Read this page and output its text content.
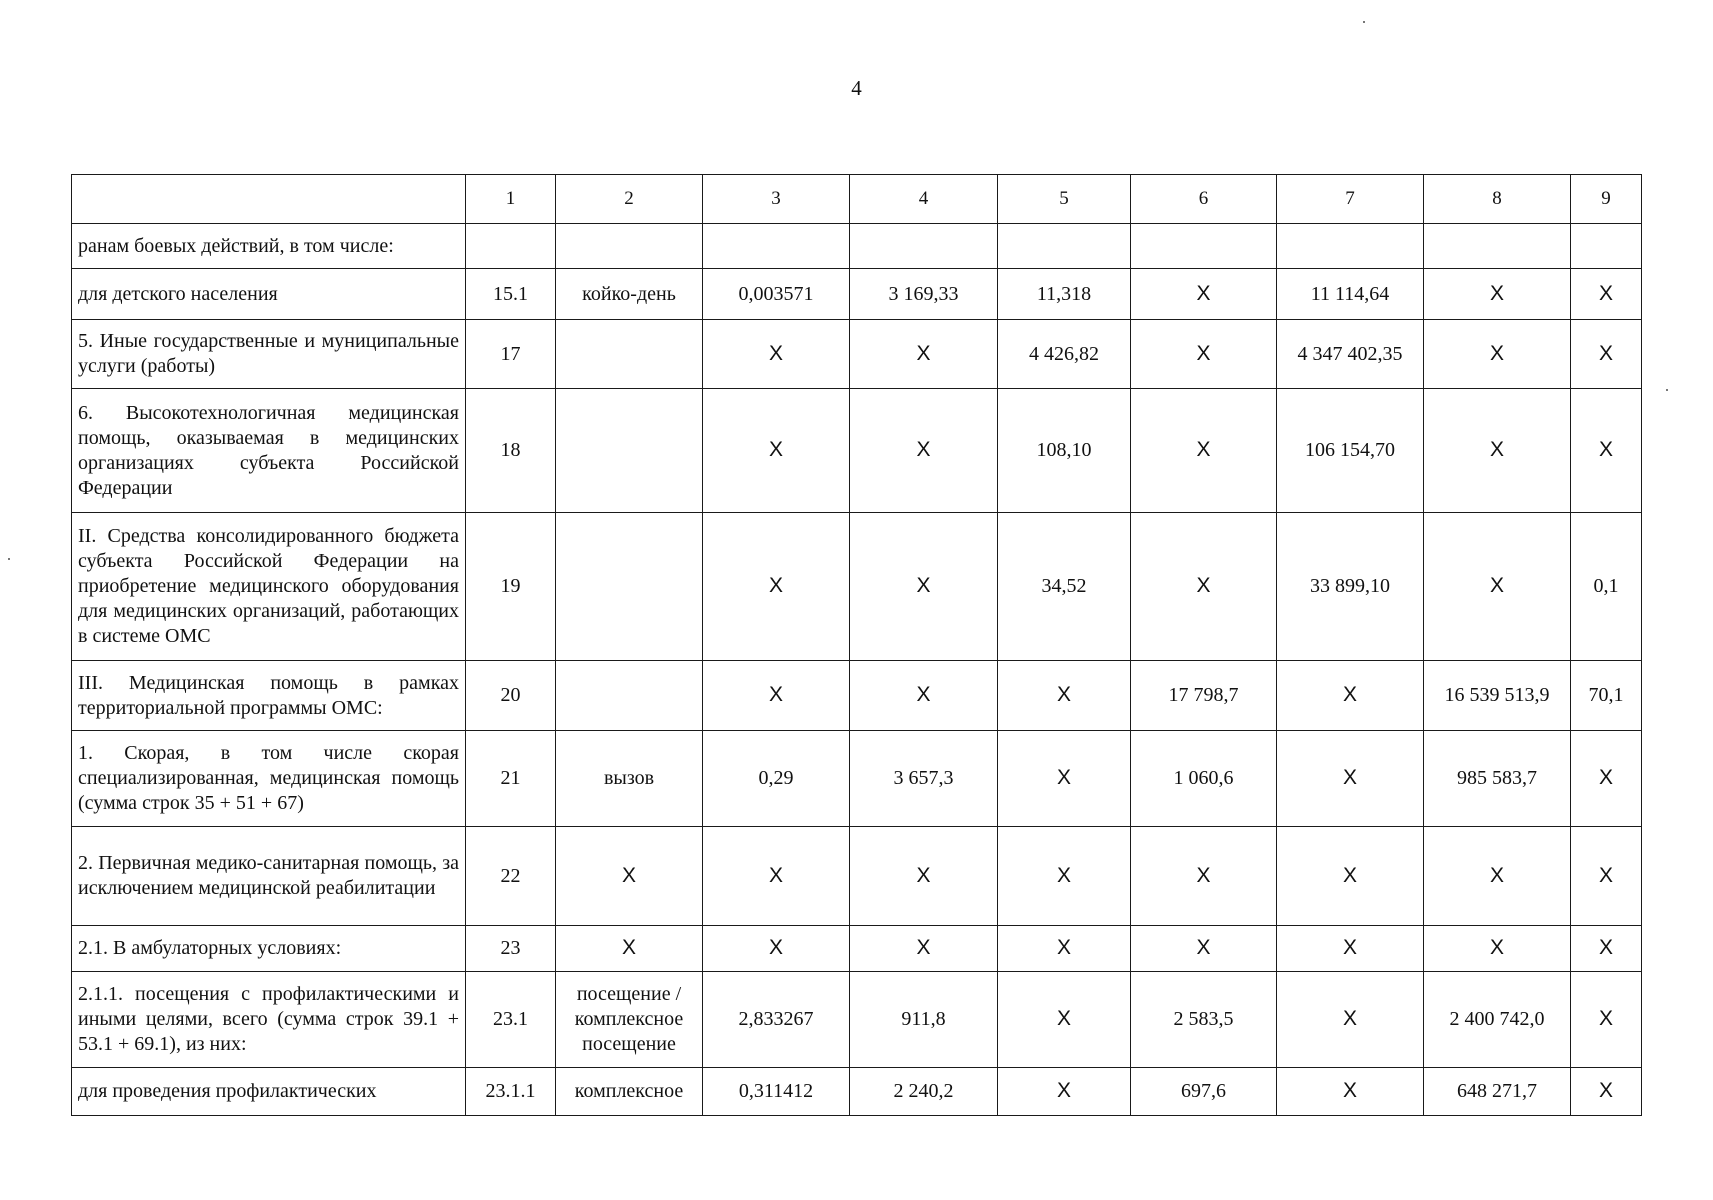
4
	1	2	3	4	5	6	7	8	9
ранам боевых действий, в том числе:									
для детского населения	15.1	койко-день	0,003571	3 169,33	11,318	X	11 114,64	X	X
5. Иные государственные и муниципальные услуги (работы)	17		X	X	4 426,82	X	4 347 402,35	X	X
6. Высокотехнологичная медицинская помощь, оказываемая в медицинских организациях субъекта Российской Федерации	18		X	X	108,10	X	106 154,70	X	X
II. Средства консолидированного бюджета субъекта Российской Федерации на приобретение медицинского оборудования для медицинских организаций, работающих в системе ОМС	19		X	X	34,52	X	33 899,10	X	0,1
III. Медицинская помощь в рамках территориальной программы ОМС:	20		X	X	X	17 798,7	X	16 539 513,9	70,1
1. Скорая, в том числе скорая специализированная, медицинская помощь (сумма строк 35 + 51 + 67)	21	вызов	0,29	3 657,3	X	1 060,6	X	985 583,7	X
2. Первичная медико-санитарная помощь, за исключением медицинской реабилитации	22	X	X	X	X	X	X	X	X
2.1. В амбулаторных условиях:	23	X	X	X	X	X	X	X	X
2.1.1. посещения с профилактическими и иными целями, всего (сумма строк 39.1 + 53.1 + 69.1), из них:	23.1	посещение / комплексное посещение	2,833267	911,8	X	2 583,5	X	2 400 742,0	X
для проведения профилактических	23.1.1	комплексное	0,311412	2 240,2	X	697,6	X	648 271,7	X
